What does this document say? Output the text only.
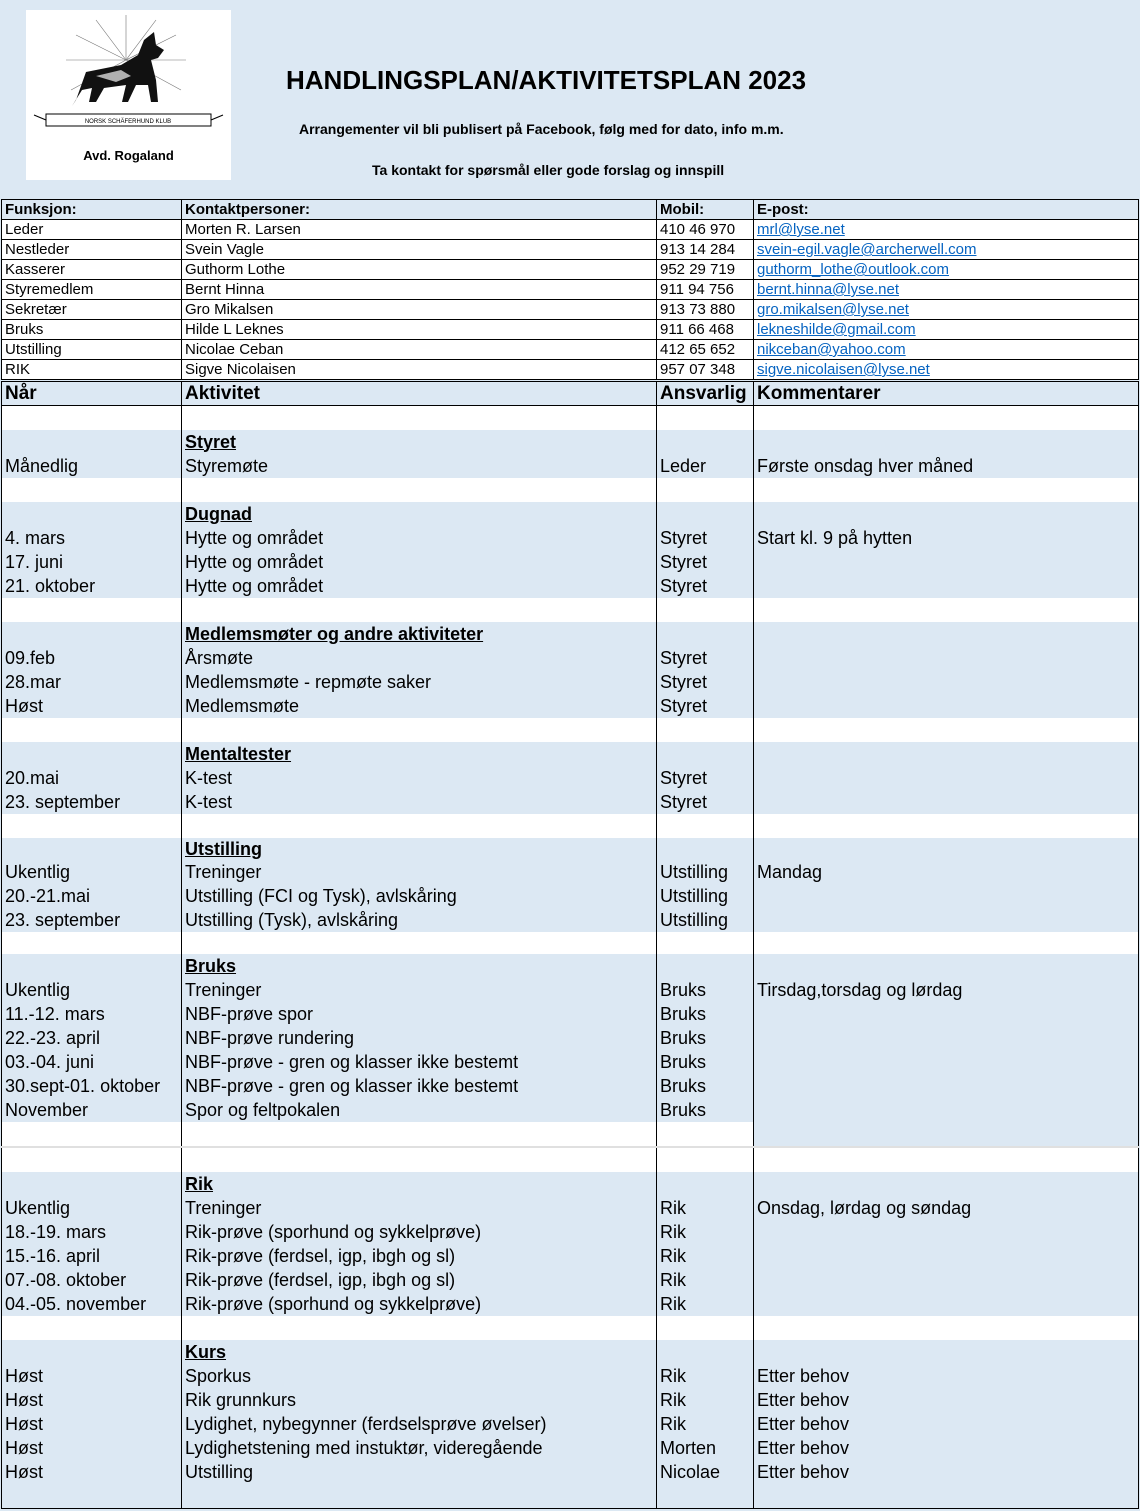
NORSK SCHÄFERHUND KLUB
Avd. Rogaland
HANDLINGSPLAN/AKTIVITETSPLAN 2023
Arrangementer vil bli publisert på Facebook, følg med for dato, info m.m.
Ta kontakt for spørsmål eller gode forslag og innspill
Funksjon:	Kontaktpersoner:	Mobil:	E-post:
Leder	Morten R. Larsen	410 46 970	mrl@lyse.net
Nestleder	Svein Vagle	913 14 284	svein-egil.vagle@archerwell.com
Kasserer	Guthorm Lothe	952 29 719	guthorm_lothe@outlook.com
Styremedlem	Bernt Hinna	911 94 756	bernt.hinna@lyse.net
Sekretær	Gro Mikalsen	913 73 880	gro.mikalsen@lyse.net
Bruks	Hilde L Leknes	911 66 468	lekneshilde@gmail.com
Utstilling	Nicolae Ceban	412 65 652	nikceban@yahoo.com
RIK	Sigve Nicolaisen	957 07 348	sigve.nicolaisen@lyse.net
Når	Aktivitet	Ansvarlig	Kommentarer

	Styret		
Månedlig	Styremøte	Leder	Første onsdag hver måned

	Dugnad		
4. mars	Hytte og området	Styret	Start kl. 9 på hytten
17. juni	Hytte og området	Styret	
21. oktober	Hytte og området	Styret	

	Medlemsmøter og andre aktiviteter		
09.feb	Årsmøte	Styret	
28.mar	Medlemsmøte - repmøte saker	Styret	
Høst	Medlemsmøte	Styret	

	Mentaltester		
20.mai	K-test	Styret	
23. september	K-test	Styret	

	Utstilling		
Ukentlig	Treninger	Utstilling	Mandag
20.-21.mai	Utstilling (FCI og Tysk), avlskåring	Utstilling	
23. september	Utstilling (Tysk), avlskåring	Utstilling	

	Bruks		
Ukentlig	Treninger	Bruks	Tirsdag,torsdag og lørdag
11.-12. mars	NBF-prøve spor	Bruks	
22.-23. april	NBF-prøve rundering	Bruks	
03.-04. juni	NBF-prøve - gren og klasser ikke bestemt	Bruks	
30.sept-01. oktober	NBF-prøve - gren og klasser ikke bestemt	Bruks	
November	Spor og feltpokalen	Bruks	

	Rik		
Ukentlig	Treninger	Rik	Onsdag, lørdag og søndag
18.-19. mars	Rik-prøve (sporhund og sykkelprøve)	Rik	
15.-16. april	Rik-prøve (ferdsel, igp, ibgh og sl)	Rik	
07.-08. oktober	Rik-prøve (ferdsel, igp, ibgh og sl)	Rik	
04.-05. november	Rik-prøve (sporhund og sykkelprøve)	Rik	

	Kurs		
Høst	Sporkus	Rik	Etter behov
Høst	Rik grunnkurs	Rik	Etter behov
Høst	Lydighet, nybegynner (ferdselsprøve øvelser)	Rik	Etter behov
Høst	Lydighetstening med instuktør, videregående	Morten	Etter behov
Høst	Utstilling	Nicolae	Etter behov
